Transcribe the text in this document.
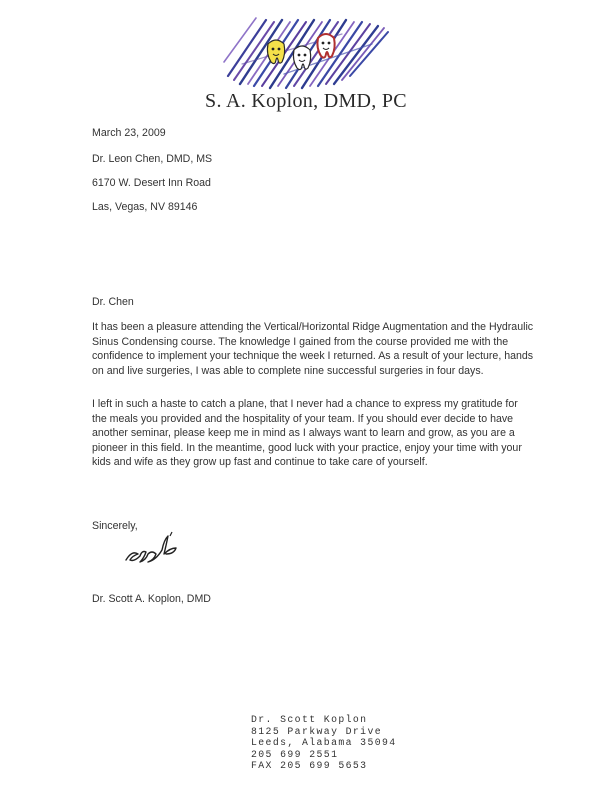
S. A. Koplon, DMD, PC
March 23, 2009
Dr. Leon Chen, DMD, MS
6170 W. Desert Inn Road
Las, Vegas, NV 89146
Dr. Chen

It has been a pleasure attending the Vertical/Horizontal Ridge Augmentation and the Hydraulic Sinus Condensing course. The knowledge I gained from the course provided me with the confidence to implement your technique the week I returned. As a result of your lecture, hands on and live surgeries, I was able to complete nine successful surgeries in four days.

I left in such a haste to catch a plane, that I never had a chance to express my gratitude for the meals you provided and the hospitality of your team. If you should ever decide to have another seminar, please keep me in mind as I always want to learn and grow, as you are a pioneer in this field. In the meantime, good luck with your practice, enjoy your time with your kids and wife as they grow up fast and continue to take care of yourself.

Sincerely,
Dr. Scott A. Koplon, DMD
Dr. Scott Koplon
8125 Parkway Drive
Leeds, Alabama 35094
205 699 2551
FAX 205 699 5653
